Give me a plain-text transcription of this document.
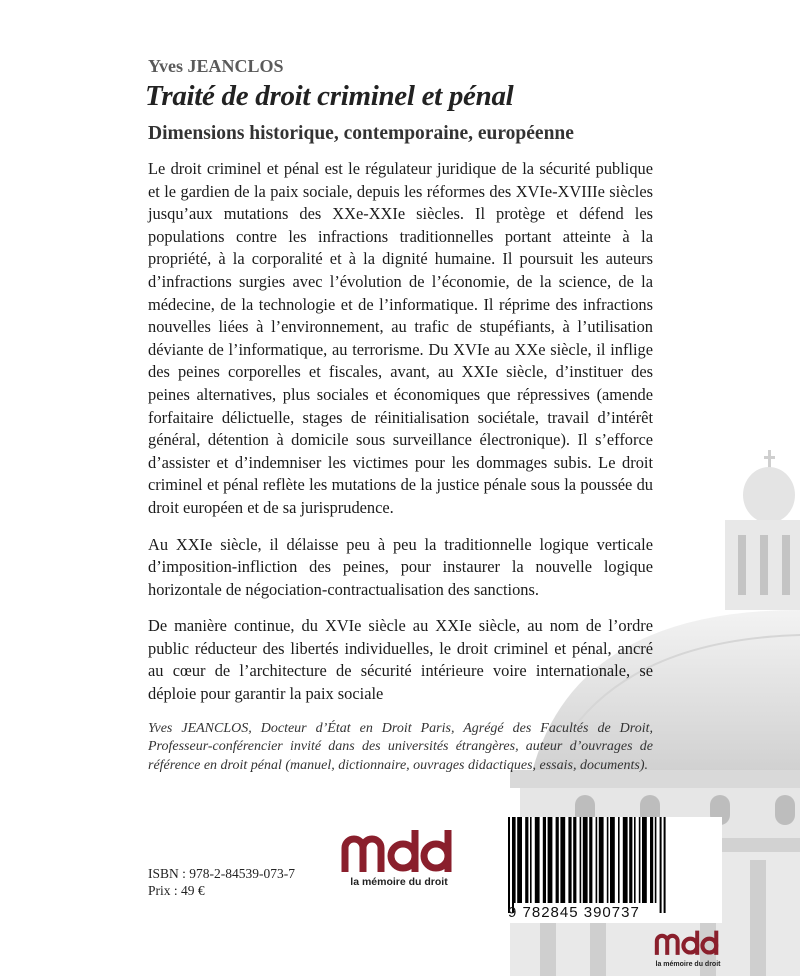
Yves JEANCLOS
Traité de droit criminel et pénal
Dimensions historique, contemporaine, européenne

Le droit criminel et pénal est le régulateur juridique de la sécurité publique et le gardien de la paix sociale, depuis les réformes des XVIe-XVIIIe siècles jusqu’aux mutations des XXe-XXIe siècles. Il protège et défend les populations contre les infractions traditionnelles portant atteinte à la propriété, à la corporalité et à la dignité humaine. Il poursuit les auteurs d’infractions surgies avec l’évolution de l’économie, de la science, de la médecine, de la technologie et de l’informatique. Il réprime des infractions nouvelles liées à l’environnement, au trafic de stupéfiants, à l’utilisation déviante de l’informatique, au terrorisme. Du XVIe au XXe siècle, il inflige des peines corporelles et fiscales, avant, au XXIe siècle, d’instituer des peines alternatives, plus sociales et économiques que répressives (amende forfaitaire délictuelle, stages de réinitialisation sociétale, travail d’intérêt général, détention à domicile sous surveillance électronique). Il s’efforce d’assister et d’indemniser les victimes pour les dommages subis. Le droit criminel et pénal reflète les mutations de la justice pénale sous la poussée du droit européen et de sa jurisprudence.

Au XXIe siècle, il délaisse peu à peu la traditionnelle logique verticale d’imposition-infliction des peines, pour instaurer la nouvelle logique horizontale de négociation-contractualisation des sanctions.

De manière continue, du XVIe siècle au XXIe siècle, au nom de l’ordre public réducteur des libertés individuelles, le droit criminel et pénal, ancré au cœur de l’architecture de sécurité intérieure voire internationale, se déploie pour garantir la paix sociale

Yves JEANCLOS, Docteur d’État en Droit Paris, Agrégé des Facultés de Droit, Professeur-conférencier invité dans des universités étrangères, auteur d’ouvrages de référence en droit pénal (manuel, dictionnaire, ouvrages didactiques, essais, documents).

ISBN : 978-2-84539-073-7
Prix : 49 €
la mémoire du droit
9 782845 390737
la mémoire du droit
